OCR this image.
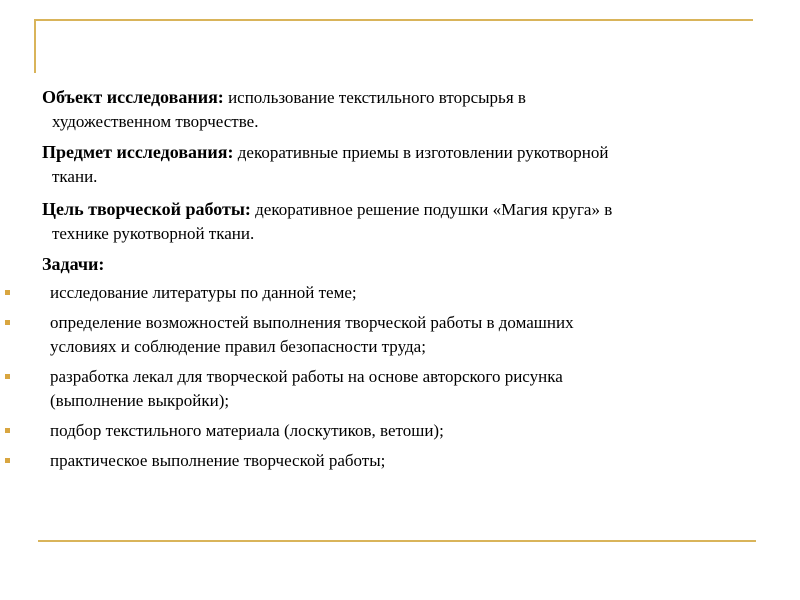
Объект исследования: использование текстильного вторсырья в
художественном творчестве.
Предмет исследования: декоративные приемы в изготовлении рукотворной
ткани.
Цель творческой работы: декоративное решение подушки «Магия круга» в
технике рукотворной ткани.
Задачи:
исследование литературы по данной теме;
определение возможностей выполнения творческой работы в домашних
условиях и соблюдение правил безопасности труда;
разработка лекал для творческой работы на основе авторского рисунка
(выполнение выкройки);
подбор текстильного материала (лоскутиков, ветоши);
практическое выполнение творческой работы;
